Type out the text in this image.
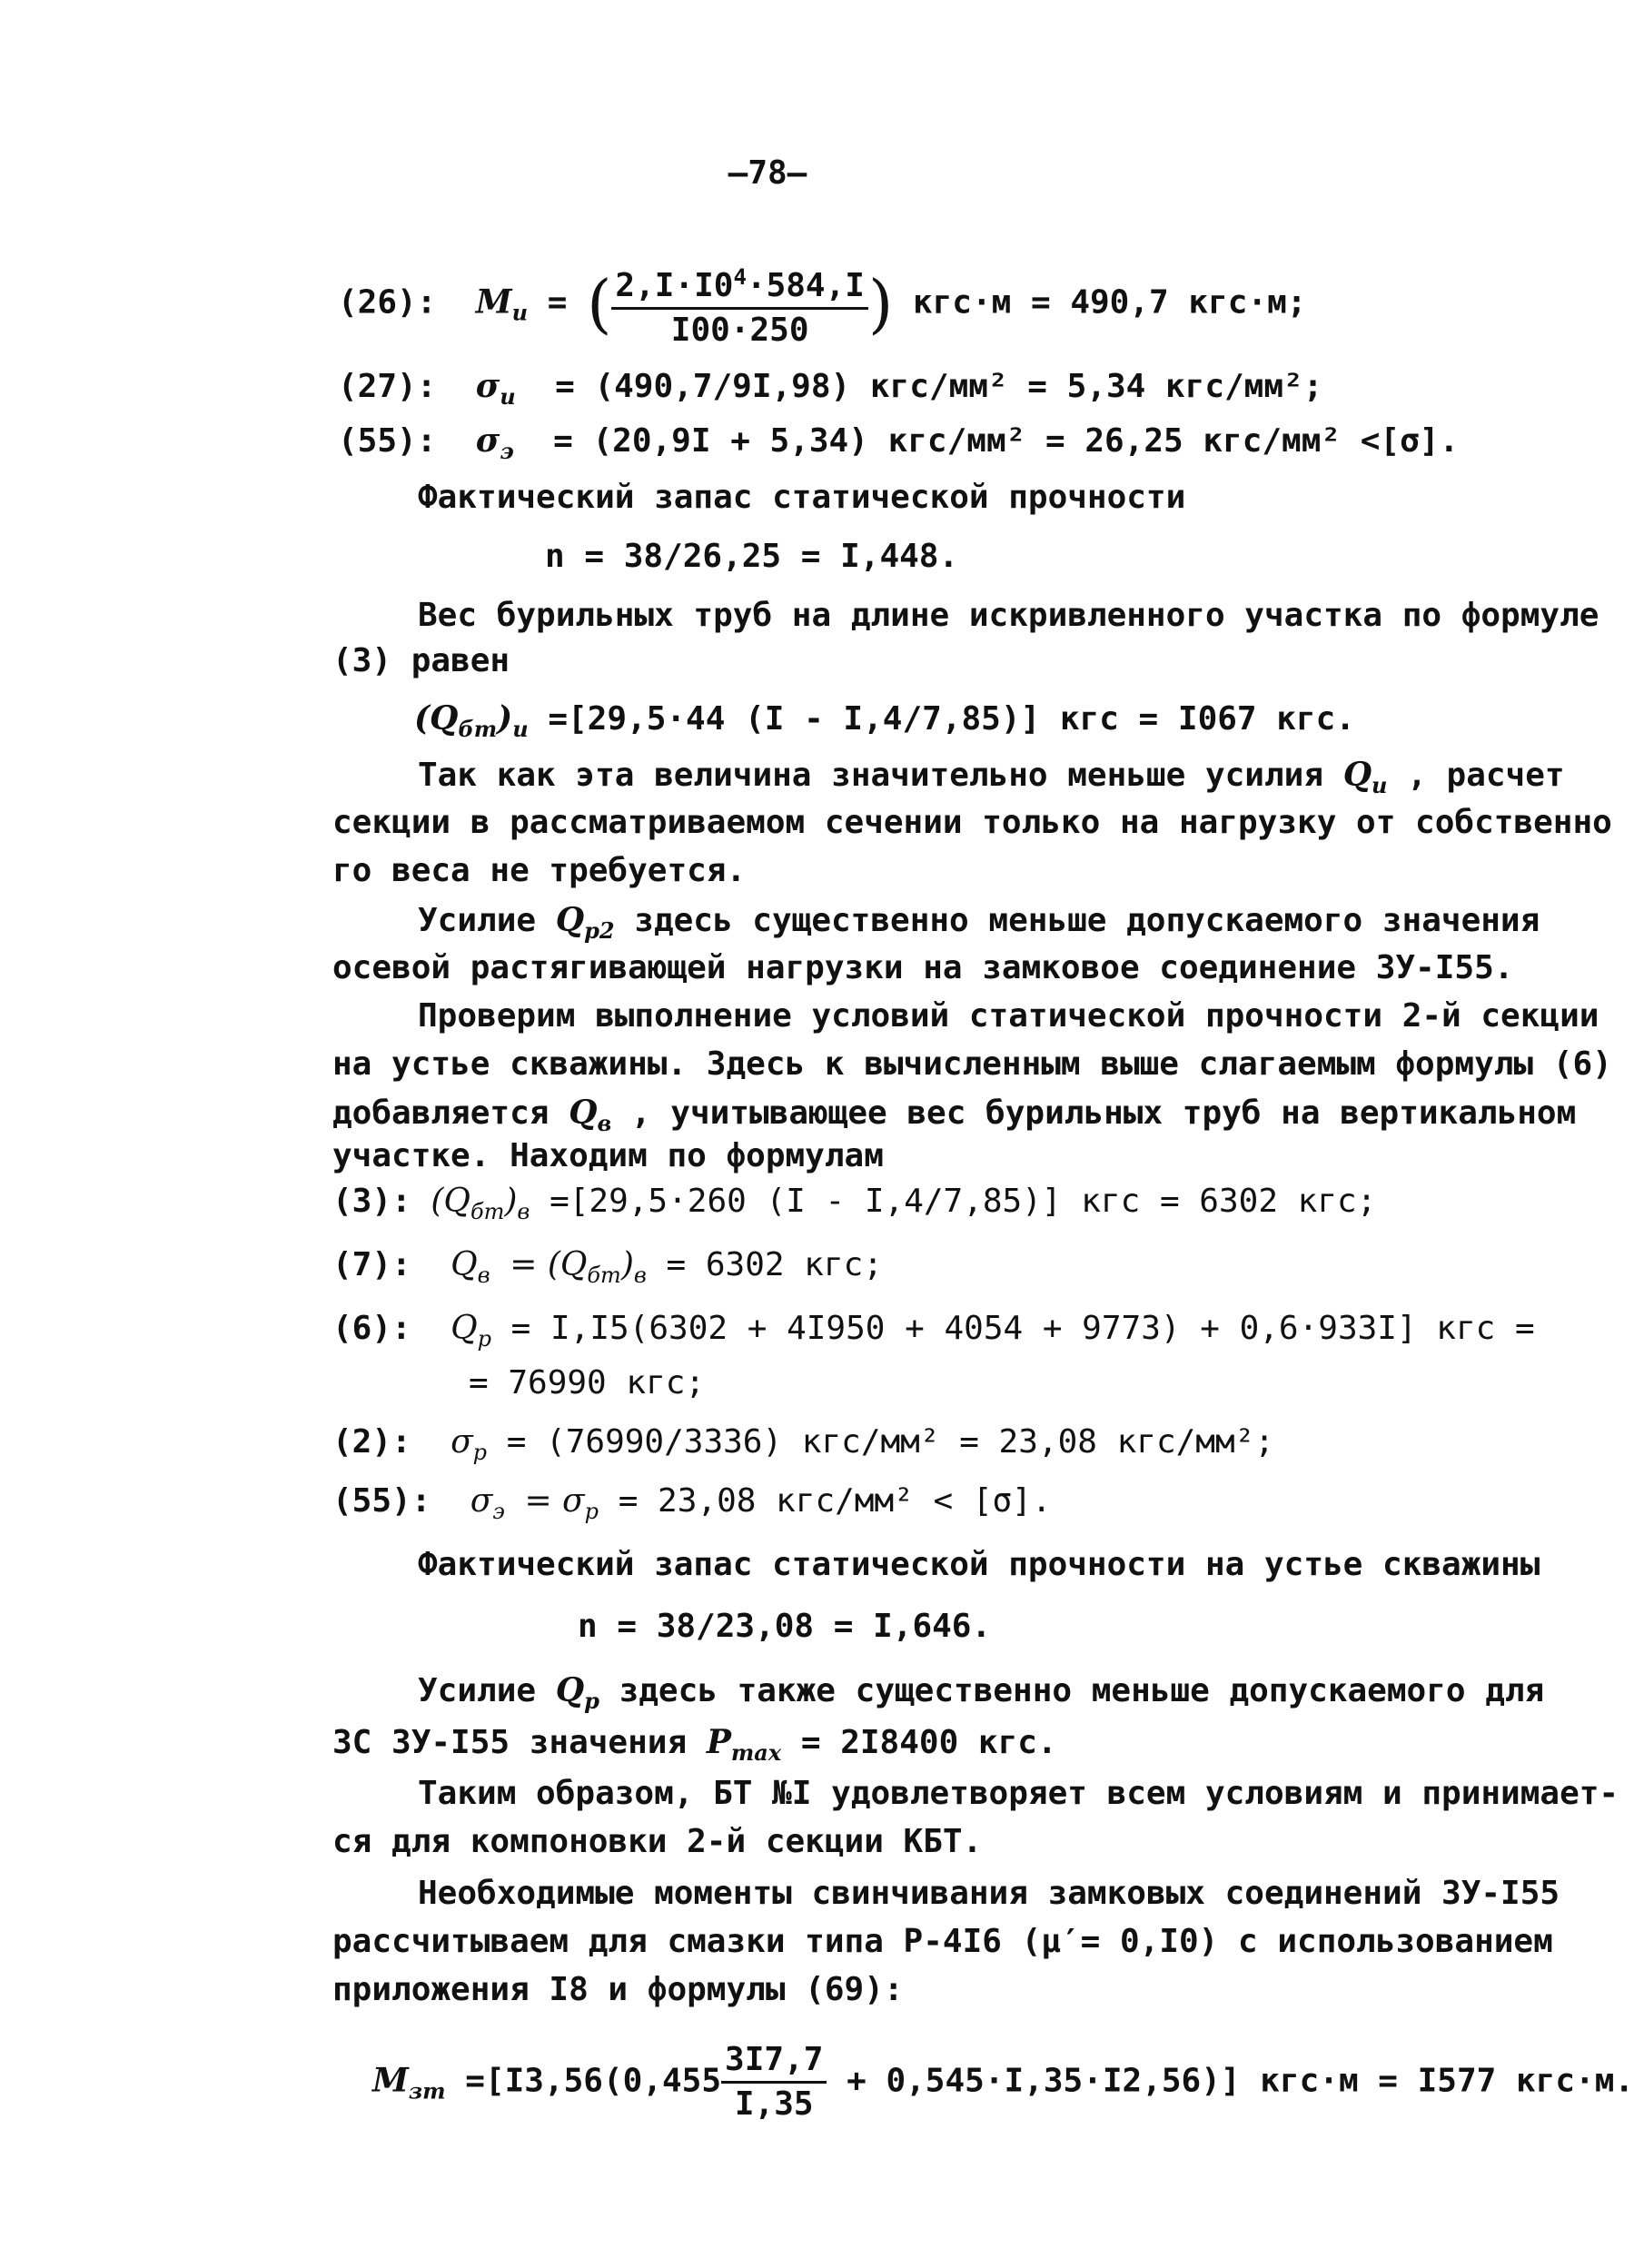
—78—
(26): $M_и$ = ( $\frac{2,I\cdot I0^4\cdot 584,I}{I00\cdot 250}$ ) кгс·м = 490,7 кгс·м;
(27): $\sigma_и = (490,7/9I,98) кгс/мм^2 = 5,34$ кгс/мм²;
(55): $\sigma_э = (20,9I + 5,34) кгс/мм^2 = 26,25$ кгс/мм² <[σ].
Фактический запас статической прочности
n = 38/26,25 = I,448.
Вес бурильных труб на длине искривленного участка по формуле
(3) равен
$(Q_{бт})_и =[29,5\cdot 44$ (I - I,4/7,85)] кгс = I067 кгс.
Так как эта величина значительно меньше усилия $Q_и$ , расчет
секции в рассматриваемом сечении только на нагрузку от собственно
го веса не требуется.
Усилие $Q_{p2}$ здесь существенно меньше допускаемого значения
осевой растягивающей нагрузки на замковое соединение ЗУ-I55.
Проверим выполнение условий статической прочности 2-й секции
на устье скважины. Здесь к вычисленным выше слагаемым формулы (6)
добавляется $Q_в$ , учитывающее вес бурильных труб на вертикальном
участке. Находим по формулам
(3): $(Q_{бт})_в =[29,5\cdot 260$ (I - I,4/7,85)] кгс = 6302 кгс;
(7): $Q_в = (Q_{бт})_в = 6302$ кгс;
(6): $Q_p = I,I5(6302 + 4I950 + 4054 + 9773) + 0,6\cdot 933I$] кгс =
= 76990 кгс;
(2): $\sigma_p = (76990/3336) кгс/мм^2 = 23,08$ кгс/мм²;
(55): $\sigma_э = \sigma_p = 23,08$ кгс/мм² < [σ].
Фактический запас статической прочности на устье скважины
n = 38/23,08 = I,646.
Усилие $Q_p$ здесь также существенно меньше допускаемого для
ЗС ЗУ-I55 значения $P_{max} = 2I8400$ кгс.
Таким образом, БТ №I удовлетворяет всем условиям и принимает-
ся для компоновки 2-й секции КБТ.
Необходимые моменты свинчивания замковых соединений ЗУ-I55
рассчитываем для смазки типа Р-4I6 (μ′= 0,I0) с использованием
приложения I8 и формулы (69):
$M_{зт} =[I3,56(0,455 \frac{3I7,7}{I,35} + 0,545\cdot I,35\cdot I2,56)] кгс\cdot м = I577$ кгс·м.
